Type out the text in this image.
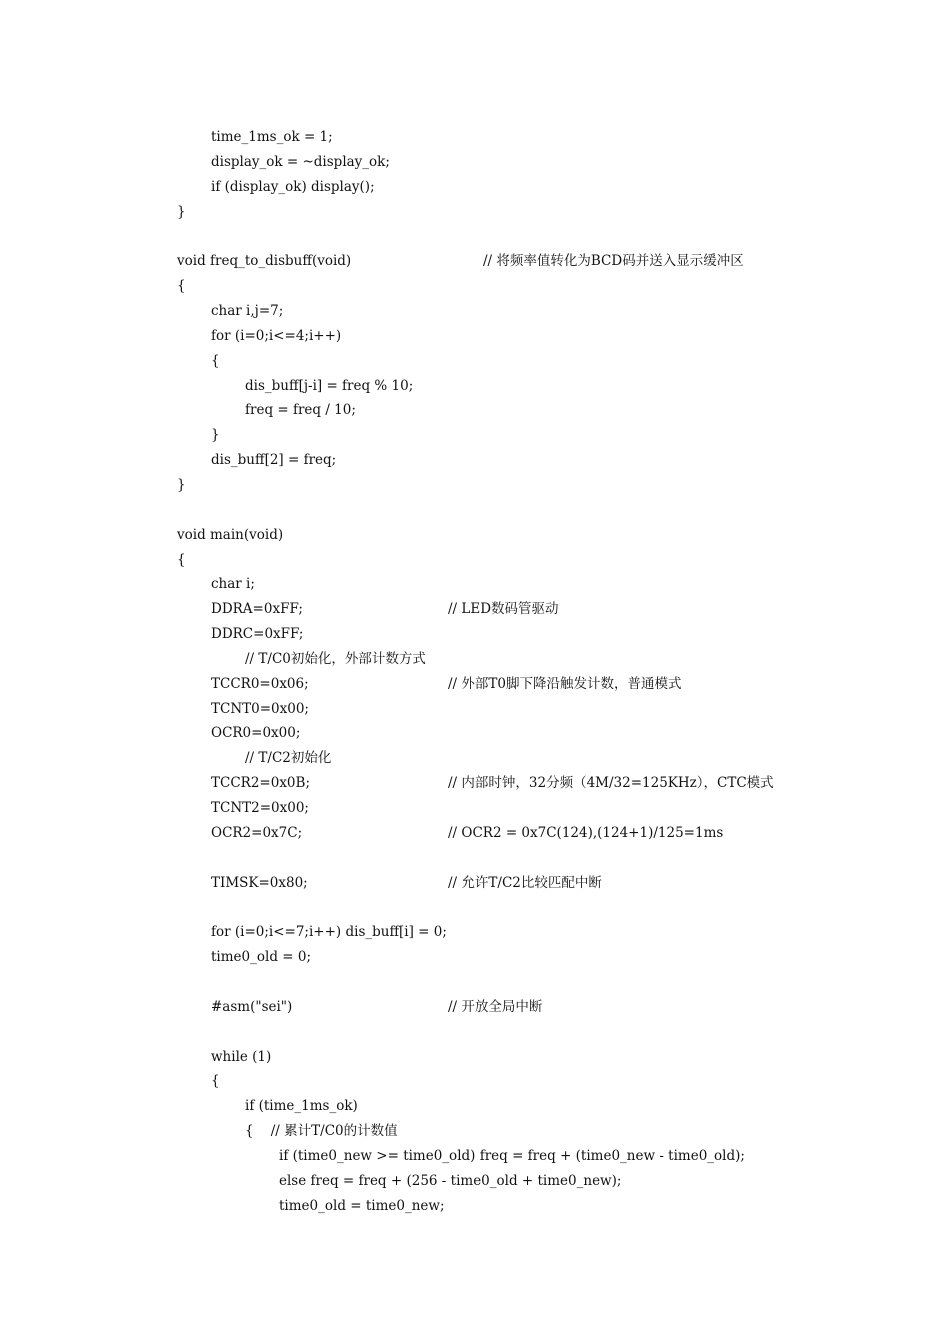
time_1ms_ok = 1;
display_ok = ~display_ok;
if (display_ok) display();
}
void freq_to_disbuff(void)	// 将频率值转化为BCD码并送入显示缓冲区
{
char i,j=7;
for (i=0;i<=4;i++)
{
dis_buff[j-i] = freq % 10;
freq = freq / 10;
}
dis_buff[2] = freq;
}
void main(void)
{
char i;
DDRA=0xFF;	// LED数码管驱动
DDRC=0xFF;
// T/C0初始化，外部计数方式
TCCR0=0x06;	// 外部T0脚下降沿触发计数，普通模式
TCNT0=0x00;
OCR0=0x00;
// T/C2初始化
TCCR2=0x0B;	// 内部时钟，32分频（4M/32=125KHz），CTC模式
TCNT2=0x00;
OCR2=0x7C;	// OCR2 = 0x7C(124),(124+1)/125=1ms
TIMSK=0x80;	// 允许T/C2比较匹配中断
for (i=0;i<=7;i++) dis_buff[i] = 0;
time0_old = 0;
#asm("sei")	// 开放全局中断
while (1)
{
if (time_1ms_ok)
{    // 累计T/C0的计数值
if (time0_new >= time0_old) freq = freq + (time0_new - time0_old);
else freq = freq + (256 - time0_old + time0_new);
time0_old = time0_new;
